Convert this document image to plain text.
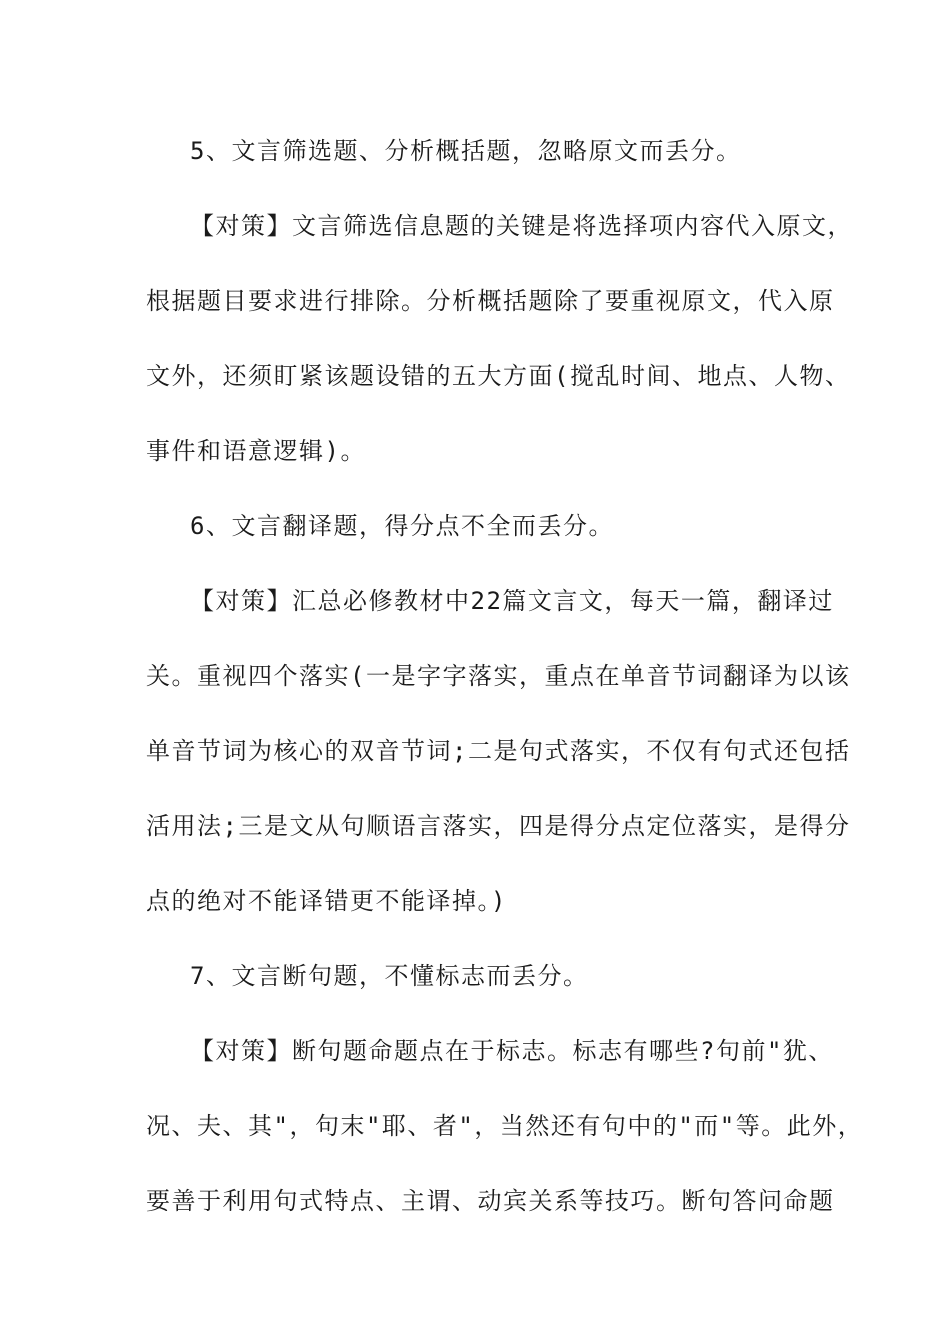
5、文言筛选题、分析概括题，忽略原文而丢分。
【对策】文言筛选信息题的关键是将选择项内容代入原文，
根据题目要求进行排除。分析概括题除了要重视原文，代入原
文外，还须盯紧该题设错的五大方面(搅乱时间、地点、人物、
事件和语意逻辑)。
6、文言翻译题，得分点不全而丢分。
【对策】汇总必修教材中22篇文言文，每天一篇，翻译过
关。重视四个落实(一是字字落实，重点在单音节词翻译为以该
单音节词为核心的双音节词;二是句式落实，不仅有句式还包括
活用法;三是文从句顺语言落实，四是得分点定位落实，是得分
点的绝对不能译错更不能译掉。)
7、文言断句题，不懂标志而丢分。
【对策】断句题命题点在于标志。标志有哪些?句前"犹、
况、夫、其"，句末"耶、者"，当然还有句中的"而"等。此外，
要善于利用句式特点、主谓、动宾关系等技巧。断句答问命题
